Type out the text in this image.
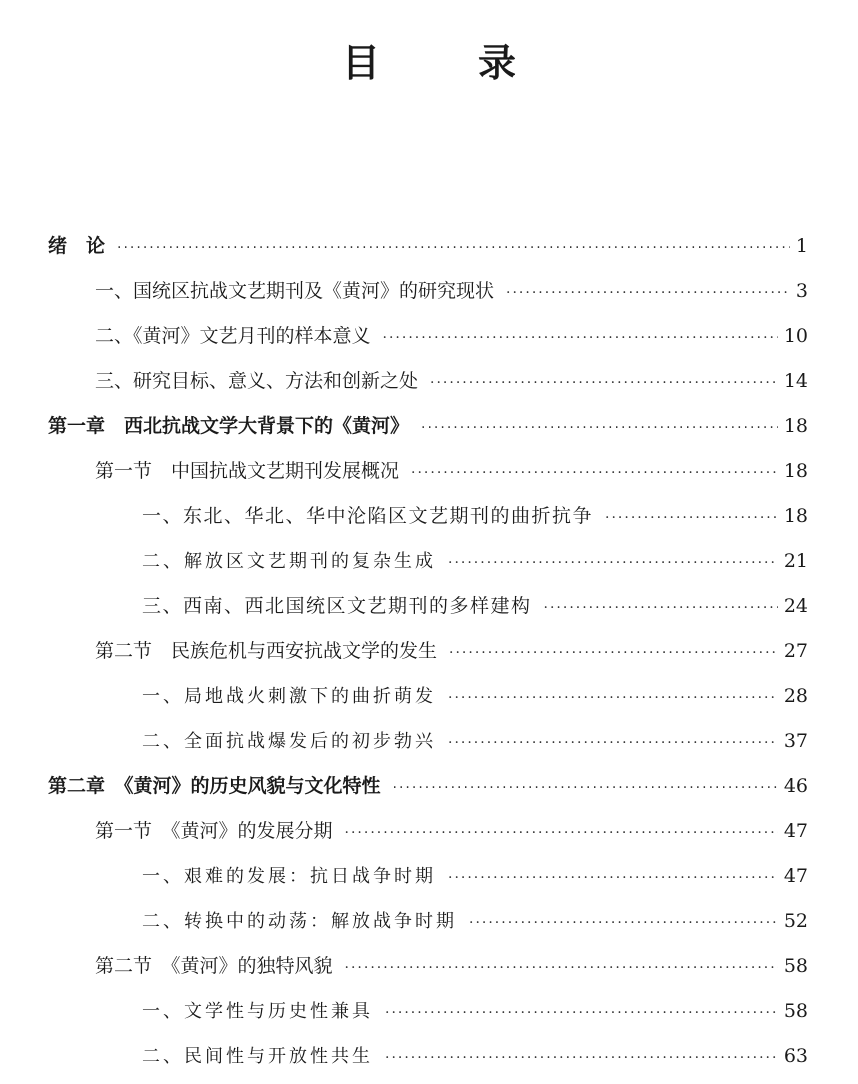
目　录
绪　论 ·····	1
一、国统区抗战文艺期刊及《黄河》的研究现状 ·····	3
二、《黄河》文艺月刊的样本意义 ·····	10
三、研究目标、意义、方法和创新之处 ·····	14
第一章　西北抗战文学大背景下的《黄河》 ·····	18
第一节　中国抗战文艺期刊发展概况 ·····	18
一、东北、华北、华中沦陷区文艺期刊的曲折抗争 ·····	18
二、解放区文艺期刊的复杂生成 ·····	21
三、西南、西北国统区文艺期刊的多样建构 ·····	24
第二节　民族危机与西安抗战文学的发生 ·····	27
一、局地战火刺激下的曲折萌发 ·····	28
二、全面抗战爆发后的初步勃兴 ·····	37
第二章　《黄河》的历史风貌与文化特性 ·····	46
第一节　《黄河》的发展分期 ·····	47
一、艰难的发展：抗日战争时期 ·····	47
二、转换中的动荡：解放战争时期 ·····	52
第二节　《黄河》的独特风貌 ·····	58
一、文学性与历史性兼具 ·····	58
二、民间性与开放性共生 ·····	63
